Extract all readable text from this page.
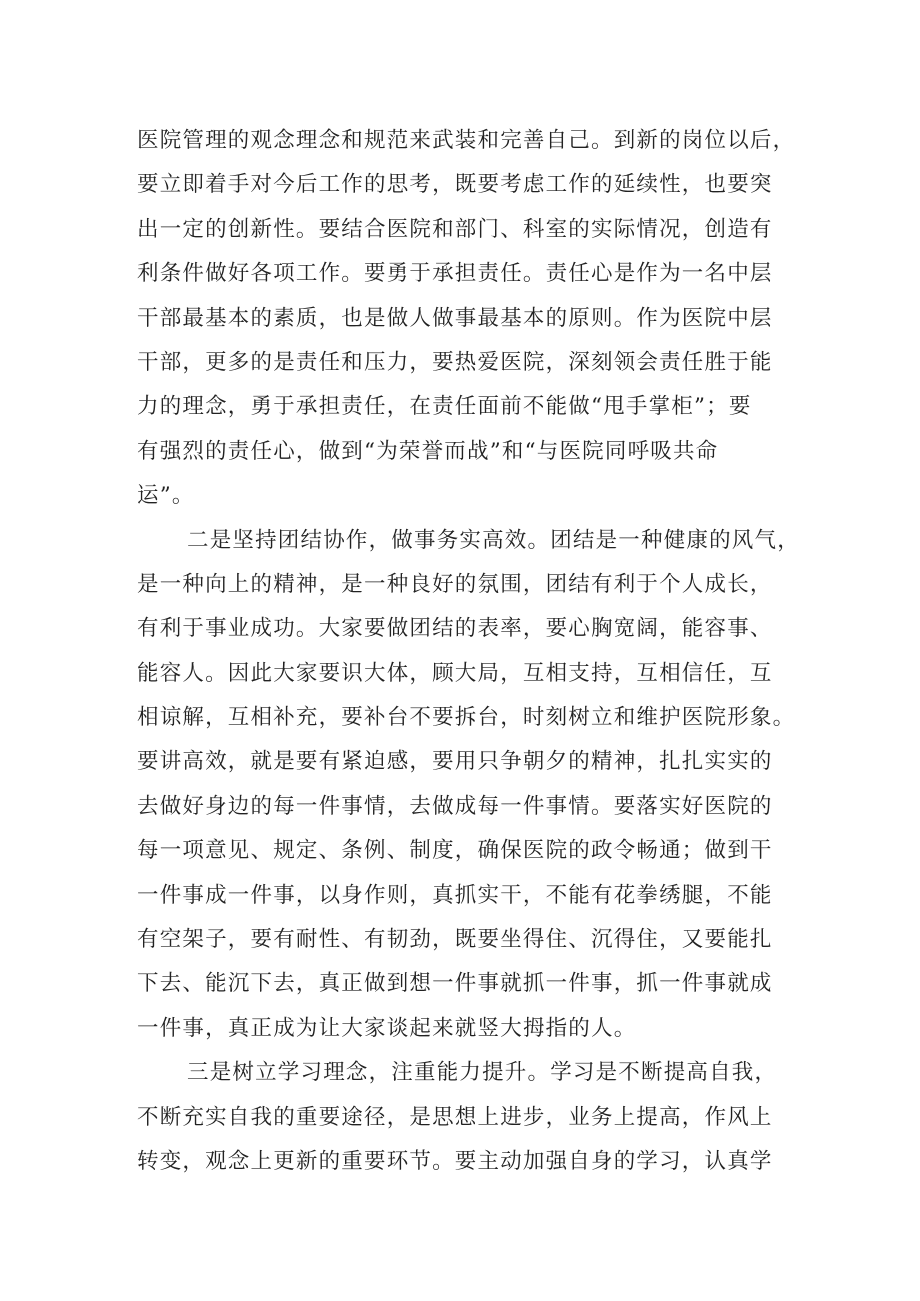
医院管理的观念理念和规范来武装和完善自己。到新的岗位以后，
要立即着手对今后工作的思考，既要考虑工作的延续性，也要突
出一定的创新性。要结合医院和部门、科室的实际情况，创造有
利条件做好各项工作。要勇于承担责任。责任心是作为一名中层
干部最基本的素质，也是做人做事最基本的原则。作为医院中层
干部，更多的是责任和压力，要热爱医院，深刻领会责任胜于能
力的理念，勇于承担责任，在责任面前不能做“甩手掌柜”；要
有强烈的责任心，做到“为荣誉而战”和“与医院同呼吸共命
运”。
二是坚持团结协作，做事务实高效。团结是一种健康的风气，
是一种向上的精神，是一种良好的氛围，团结有利于个人成长，
有利于事业成功。大家要做团结的表率，要心胸宽阔，能容事、
能容人。因此大家要识大体，顾大局，互相支持，互相信任，互
相谅解，互相补充，要补台不要拆台，时刻树立和维护医院形象。
要讲高效，就是要有紧迫感，要用只争朝夕的精神，扎扎实实的
去做好身边的每一件事情，去做成每一件事情。要落实好医院的
每一项意见、规定、条例、制度，确保医院的政令畅通；做到干
一件事成一件事，以身作则，真抓实干，不能有花拳绣腿，不能
有空架子，要有耐性、有韧劲，既要坐得住、沉得住，又要能扎
下去、能沉下去，真正做到想一件事就抓一件事，抓一件事就成
一件事，真正成为让大家谈起来就竖大拇指的人。
三是树立学习理念，注重能力提升。学习是不断提高自我，
不断充实自我的重要途径，是思想上进步，业务上提高，作风上
转变，观念上更新的重要环节。要主动加强自身的学习，认真学
